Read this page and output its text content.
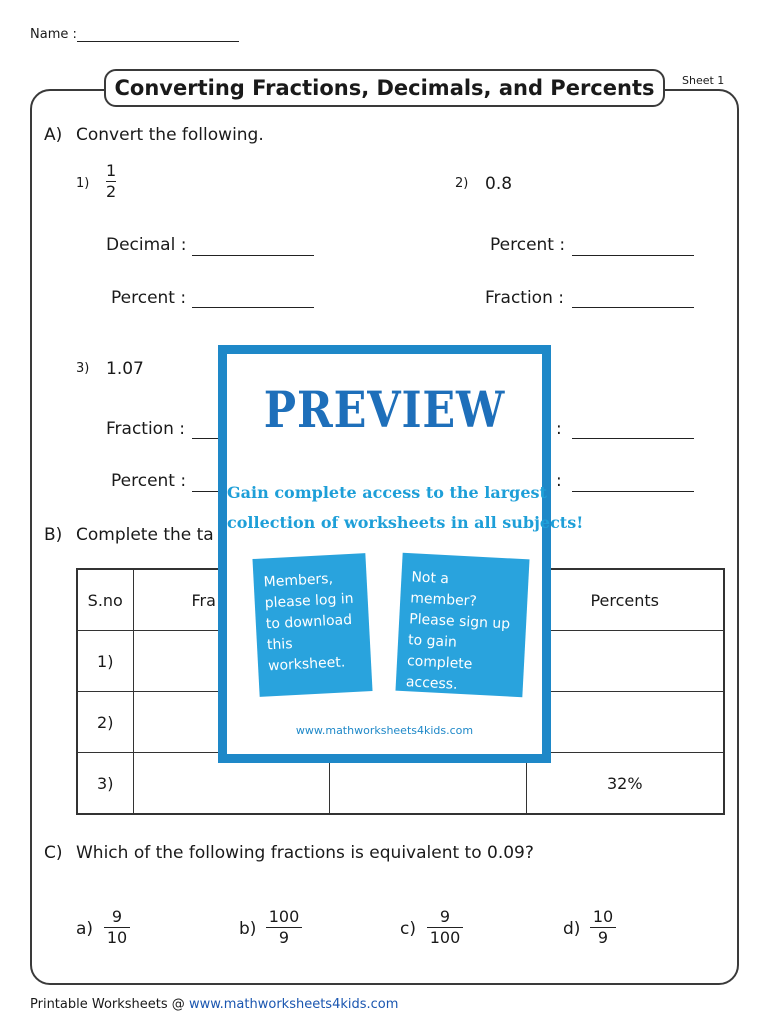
Name :
Converting Fractions, Decimals, and Percents	Sheet 1
A) Convert the following.
1)
1
2
Decimal :
Percent :
2) 0.8
Percent :
Fraction :
3) 1.07
Fraction :
Percent :
:
:
B) Complete the ta
S.no	Fra		Percents
1)			
2)			
3)			32%
C) Which of the following fractions is equivalent to 0.09?
a)
9
10	b)
100
9	c)
9
100	d)
10
9
Printable Worksheets @ www.mathworksheets4kids.com
PREVIEW
Gain complete access to the largest
collection of worksheets in all subjects!
Members, please log in to download this worksheet.
Not a member? Please sign up to gain complete access.
www.mathworksheets4kids.com
